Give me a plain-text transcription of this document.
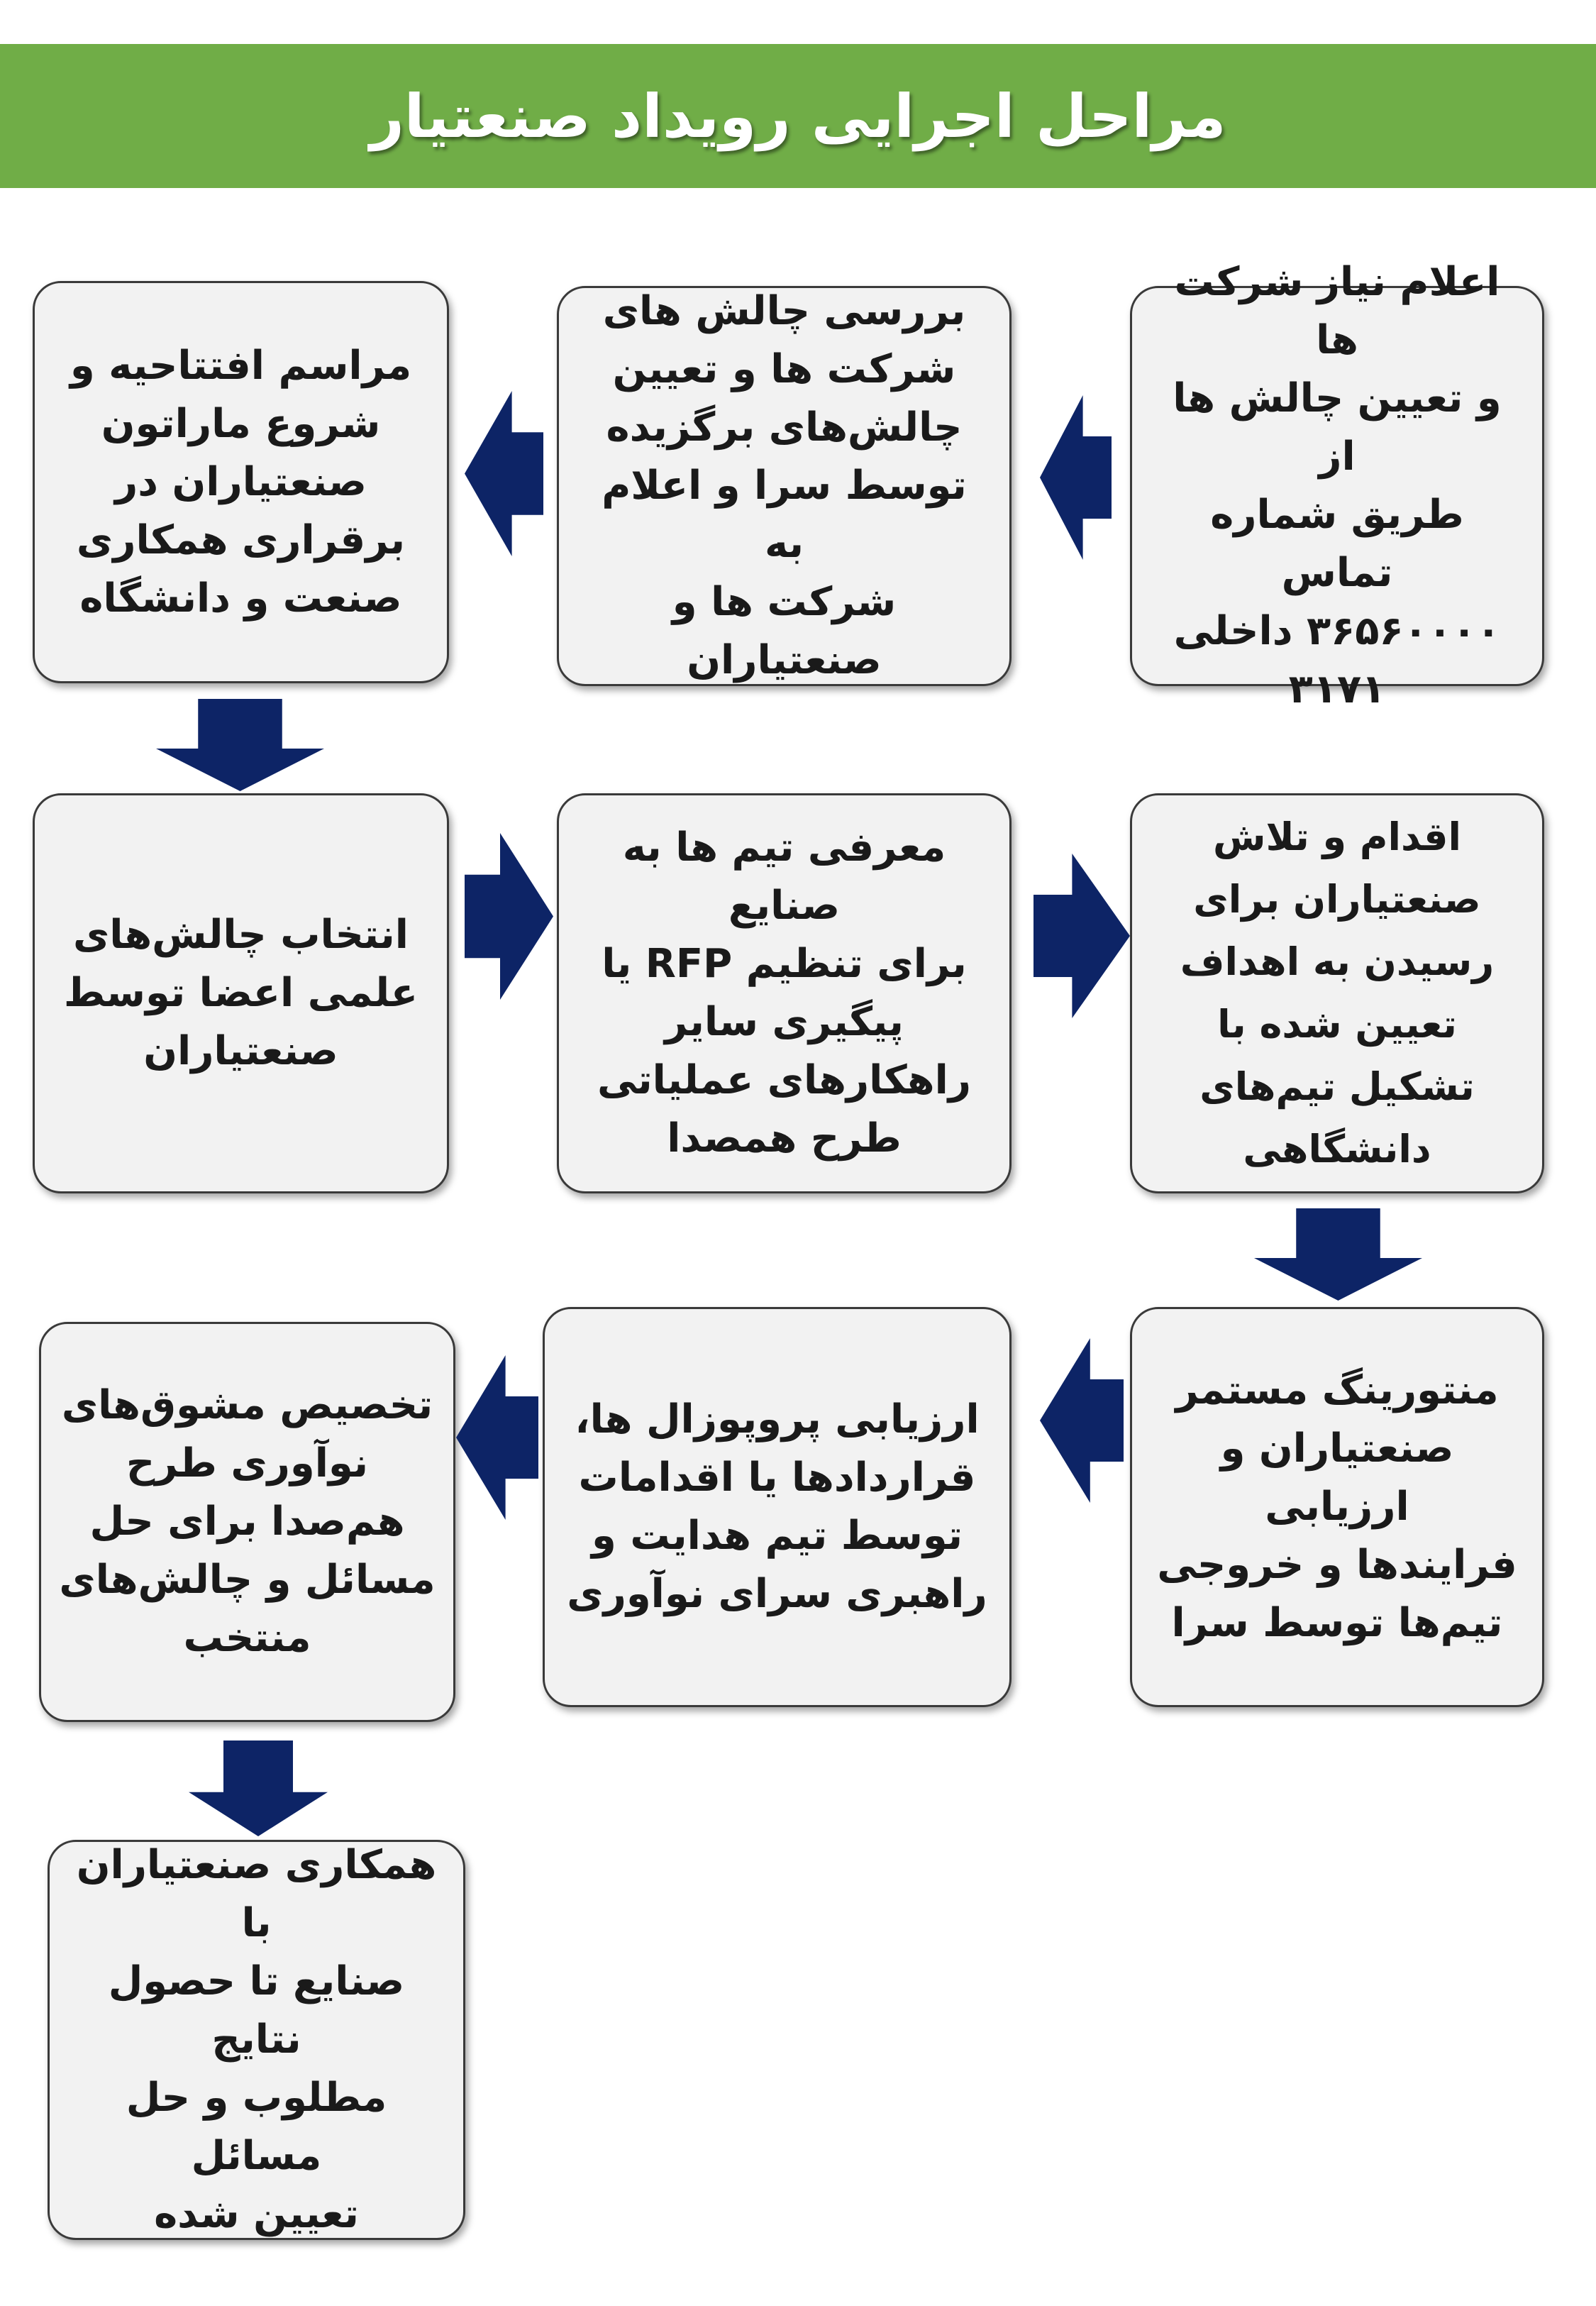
مراحل اجرایی رویداد صنعتیار
اعلام نیاز شرکت ها
و تعیین چالش ها از
طریق شماره تماس
۳۶۵۶۰۰۰۰ داخلی
۳۱۷۱
بررسی چالش های
شرکت ها و تعیین
چالش‌های برگزیده
توسط سرا و اعلام به
شرکت ها و صنعتیاران
مراسم افتتاحیه و
شروع ماراتون
صنعتیاران در
برقراری همکاری
صنعت و دانشگاه
انتخاب چالش‌های
علمی اعضا توسط
صنعتیاران
معرفی تیم ها به صنایع
برای تنظیم RFP یا
پیگیری سایر
راهکارهای عملیاتی
طرح همصدا
اقدام و تلاش
صنعتیاران برای
رسیدن به اهداف
تعیین شده با
تشکیل تیم‌های
دانشگاهی
منتورینگ مستمر
صنعتیاران و ارزیابی
فرایندها و خروجی
تیم‌ها توسط سرا
ارزیابی پروپوزال ها،
قراردادها یا اقدامات
توسط تیم هدایت و
راهبری سرای نوآوری
تخصیص مشوق‌های
نوآوری طرح
هم‌صدا برای حل
مسائل و چالش‌های
منتخب
همکاری صنعتیاران با
صنایع تا حصول نتایج
مطلوب و حل مسائل
تعیین شده
